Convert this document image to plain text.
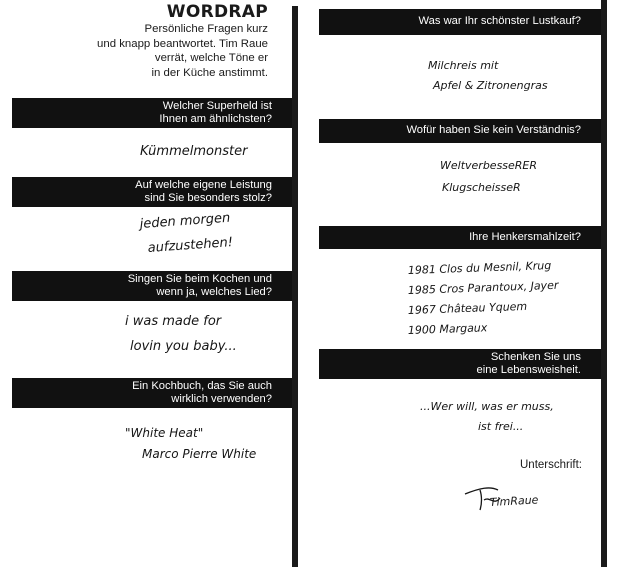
WORDRAP
Persönliche Fragen kurz
und knapp beantwortet. Tim Raue
verrät, welche Töne er
in der Küche anstimmt.
Welcher Superheld ist
Ihnen am ähnlichsten?
Kümmelmonster
Auf welche eigene Leistung
sind Sie besonders stolz?
jeden morgen
aufzustehen!
Singen Sie beim Kochen und
wenn ja, welches Lied?
i was made for
lovin you baby...
Ein Kochbuch, das Sie auch
wirklich verwenden?
"White Heat"
Marco Pierre White
Was war Ihr schönster Lustkauf?
Milchreis mit
Apfel & Zitronengras
Wofür haben Sie kein Verständnis?
WeltverbesseRER
KlugscheisseR
Ihre Henkersmahlzeit?
1981 Clos du Mesnil, Krug
1985 Cros Parantoux, Jayer
1967 Château Yquem
1900 Margaux
Schenken Sie uns
eine Lebensweisheit.
...Wer will, was er muss,
ist frei...
Unterschrift:
TimRaue
